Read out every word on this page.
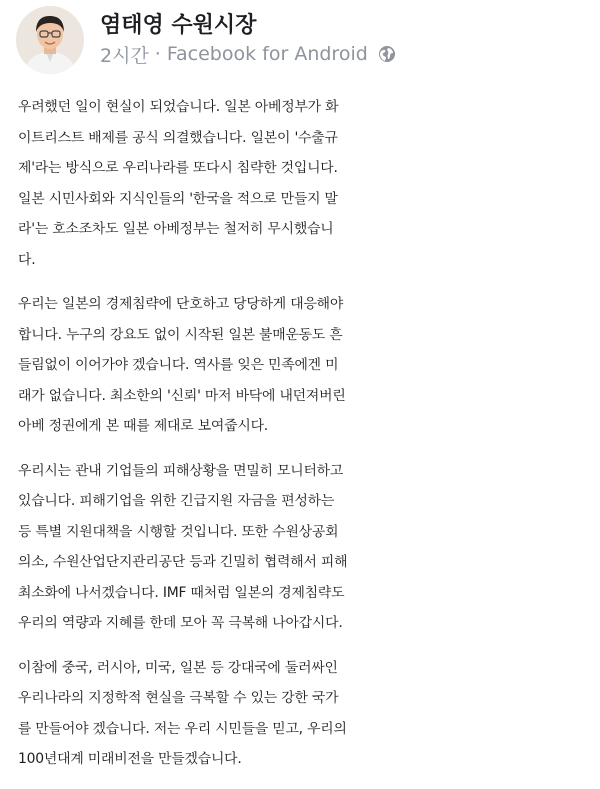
염태영 수원시장
2시간 · Facebook for Android
우려했던 일이 현실이 되었습니다. 일본 아베정부가 화
이트리스트 배제를 공식 의결했습니다. 일본이 '수출규
제'라는 방식으로 우리나라를 또다시 침략한 것입니다.
일본 시민사회와 지식인들의 '한국을 적으로 만들지 말
라'는 호소조차도 일본 아베정부는 철저히 무시했습니
다.
우리는 일본의 경제침략에 단호하고 당당하게 대응해야
합니다. 누구의 강요도 없이 시작된 일본 불매운동도 흔
들림없이 이어가야 겠습니다. 역사를 잊은 민족에겐 미
래가 없습니다. 최소한의 '신뢰' 마저 바닥에 내던져버린
아베 정권에게 본 때를 제대로 보여줍시다.
우리시는 관내 기업들의 피해상황을 면밀히 모니터하고
있습니다. 피해기업을 위한 긴급지원 자금을 편성하는
등 특별 지원대책을 시행할 것입니다. 또한 수원상공회
의소, 수원산업단지관리공단 등과 긴밀히 협력해서 피해
최소화에 나서겠습니다. IMF 때처럼 일본의 경제침략도
우리의 역량과 지혜를 한데 모아 꼭 극복해 나아갑시다.
이참에 중국, 러시아, 미국, 일본 등 강대국에 둘러싸인
우리나라의 지정학적 현실을 극복할 수 있는 강한 국가
를 만들어야 겠습니다. 저는 우리 시민들을 믿고, 우리의
100년대계 미래비전을 만들겠습니다.
